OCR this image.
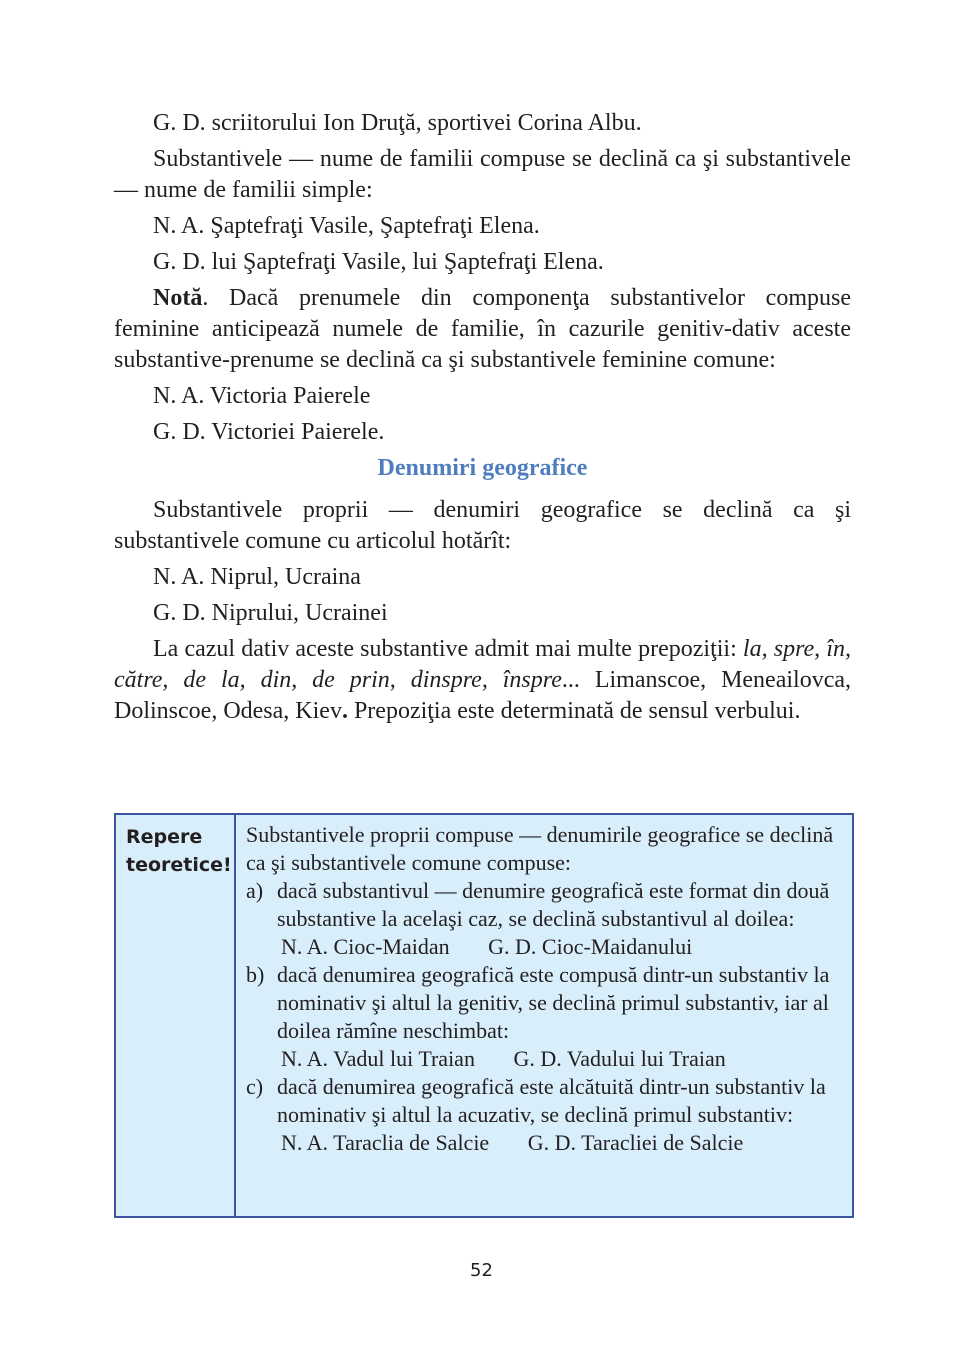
G. D. scriitorului Ion Druţă, sportivei Corina Albu.

Substantivele — nume de familii compuse se declină ca şi substantivele — nume de familii simple:

N. A. Şaptefraţi Vasile, Şaptefraţi Elena.

G. D. lui Şaptefraţi Vasile, lui Şaptefraţi Elena.

Notă. Dacă prenumele din componenţa substantivelor compuse feminine anticipează numele de familie, în cazurile genitiv-dativ aceste substantive-prenume se declină ca şi substantivele feminine comune:

N. A. Victoria Paierele

G. D. Victoriei Paierele.

Denumiri geografice

Substantivele proprii — denumiri geografice se declină ca şi substantivele comune cu articolul hotărît:

N. A. Niprul, Ucraina

G. D. Niprului, Ucrainei

La cazul dativ aceste substantive admit mai multe prepoziţii: la, spre, în, către, de la, din, de prin, dinspre, înspre... Limanscoe, Meneailovca, Dolinscoe, Odesa, Kiev. Prepoziţia este determinată de sensul verbului.

Repere
teoretice!
Substantivele proprii compuse — denumirile geografice se declină ca şi substantivele comune compuse:
a) dacă substantivul — denumire geografică este format din două substantive la acelaşi caz, se declină substantivul al doilea:
N. A. Cioc-Maidan G. D. Cioc-Maidanului
b) dacă denumirea geografică este compusă dintr-un substantiv la nominativ şi altul la genitiv, se declină primul substantiv, iar al doilea rămîne neschimbat:
N. A. Vadul lui Traian G. D. Vadului lui Traian
c) dacă denumirea geografică este alcătuită dintr-un substantiv la nominativ şi altul la acuzativ, se declină primul substantiv:
N. A. Taraclia de Salcie G. D. Taracliei de Salcie
52
